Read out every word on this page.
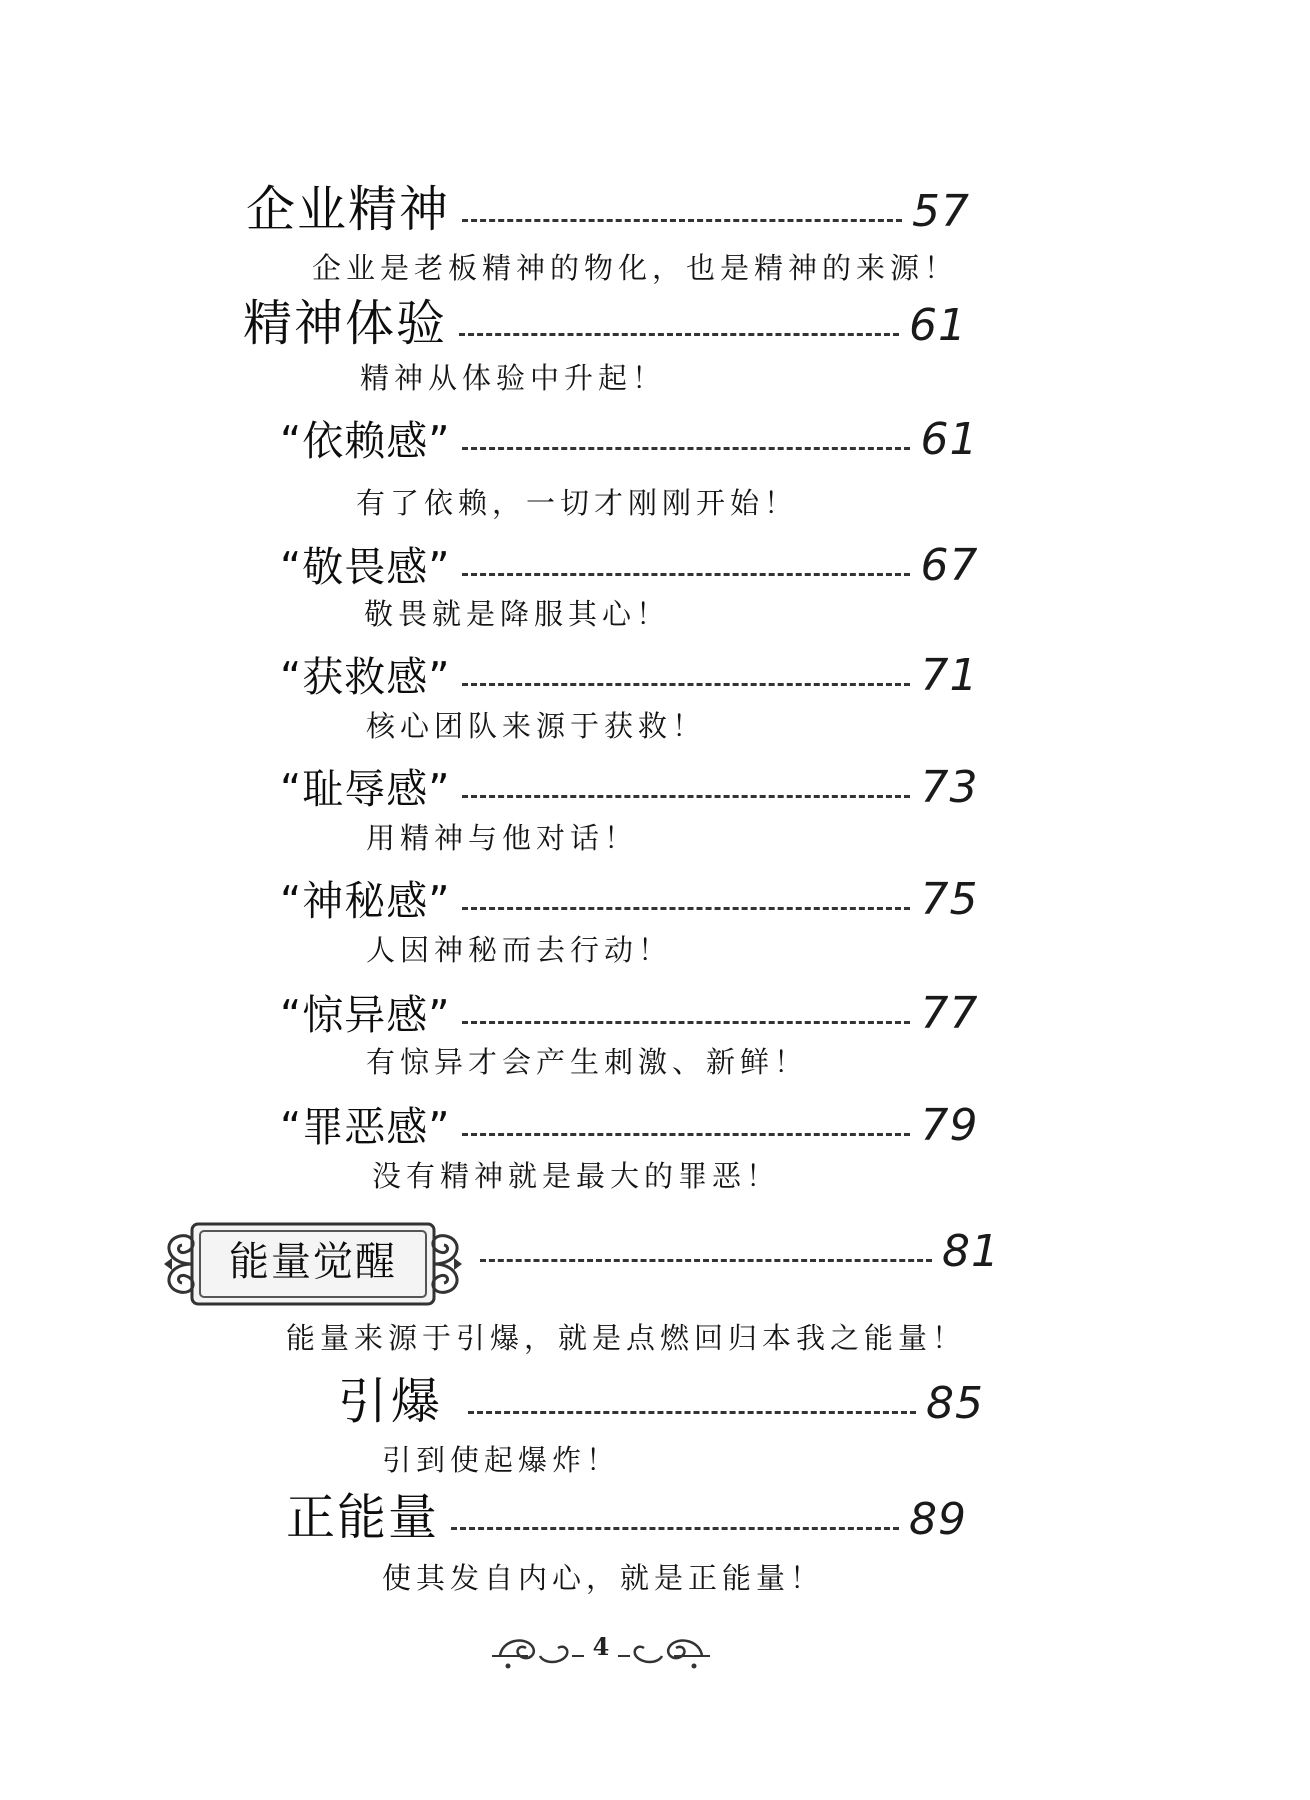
企业精神	57
企业是老板精神的物化，也是精神的来源！
精神体验	61
精神从体验中升起！
“依赖感”	61
有了依赖，一切才刚刚开始！
“敬畏感”	67
敬畏就是降服其心！
“获救感”	71
核心团队来源于获救！
“耻辱感”	73
用精神与他对话！
“神秘感”	75
人因神秘而去行动！
“惊异感”	77
有惊异才会产生刺激、新鲜！
“罪恶感”	79
没有精神就是最大的罪恶！
能量觉醒	81
能量来源于引爆，就是点燃回归本我之能量！
引爆	85
引到使起爆炸！
正能量	89
使其发自内心，就是正能量！
4
